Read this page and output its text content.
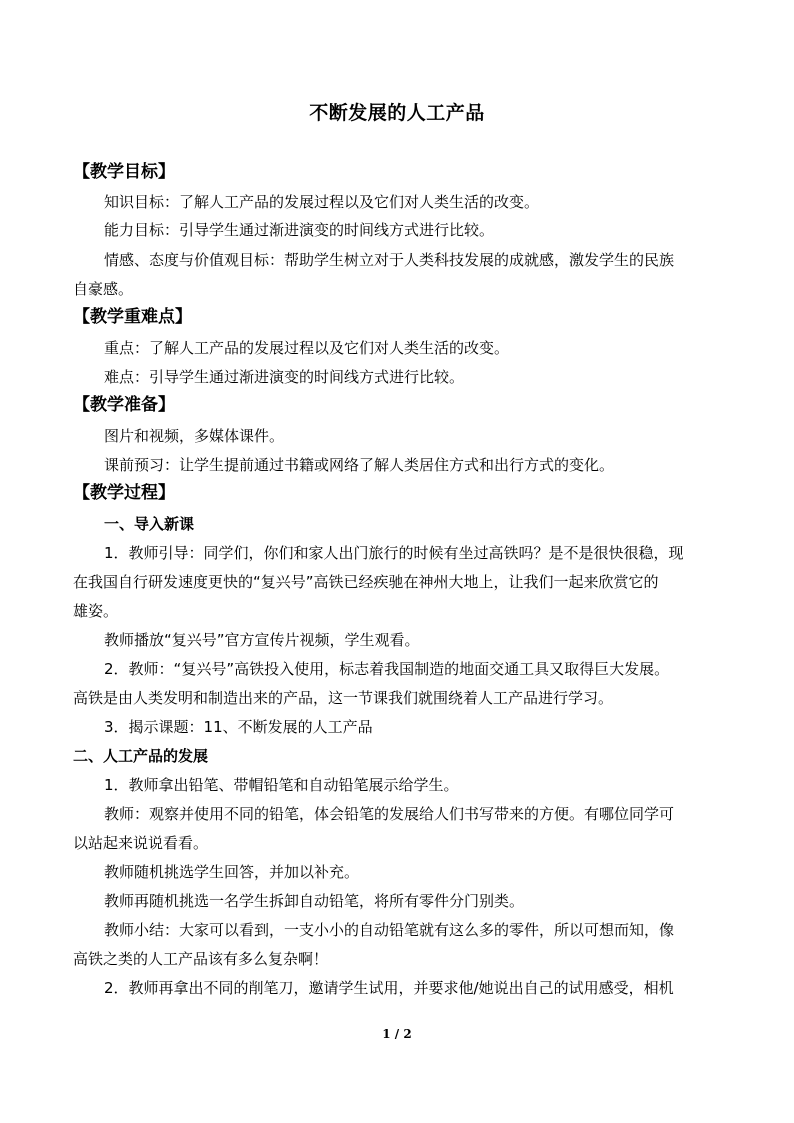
不断发展的人工产品
【教学目标】
知识目标：了解人工产品的发展过程以及它们对人类生活的改变。
能力目标：引导学生通过渐进演变的时间线方式进行比较。
情感、态度与价值观目标：帮助学生树立对于人类科技发展的成就感，激发学生的民族
自豪感。
【教学重难点】
重点：了解人工产品的发展过程以及它们对人类生活的改变。
难点：引导学生通过渐进演变的时间线方式进行比较。
【教学准备】
图片和视频，多媒体课件。
课前预习：让学生提前通过书籍或网络了解人类居住方式和出行方式的变化。
【教学过程】
一、导入新课
1．教师引导：同学们，你们和家人出门旅行的时候有坐过高铁吗？是不是很快很稳，现
在我国自行研发速度更快的“复兴号”高铁已经疾驰在神州大地上，让我们一起来欣赏它的
雄姿。
教师播放“复兴号”官方宣传片视频，学生观看。
2．教师：“复兴号”高铁投入使用，标志着我国制造的地面交通工具又取得巨大发展。
高铁是由人类发明和制造出来的产品，这一节课我们就围绕着人工产品进行学习。
3．揭示课题：11、不断发展的人工产品
二、人工产品的发展
1．教师拿出铅笔、带帽铅笔和自动铅笔展示给学生。
教师：观察并使用不同的铅笔，体会铅笔的发展给人们书写带来的方便。有哪位同学可
以站起来说说看看。
教师随机挑选学生回答，并加以补充。
教师再随机挑选一名学生拆卸自动铅笔，将所有零件分门别类。
教师小结：大家可以看到，一支小小的自动铅笔就有这么多的零件，所以可想而知，像
高铁之类的人工产品该有多么复杂啊！
2．教师再拿出不同的削笔刀，邀请学生试用，并要求他/她说出自己的试用感受，相机
1 / 2
